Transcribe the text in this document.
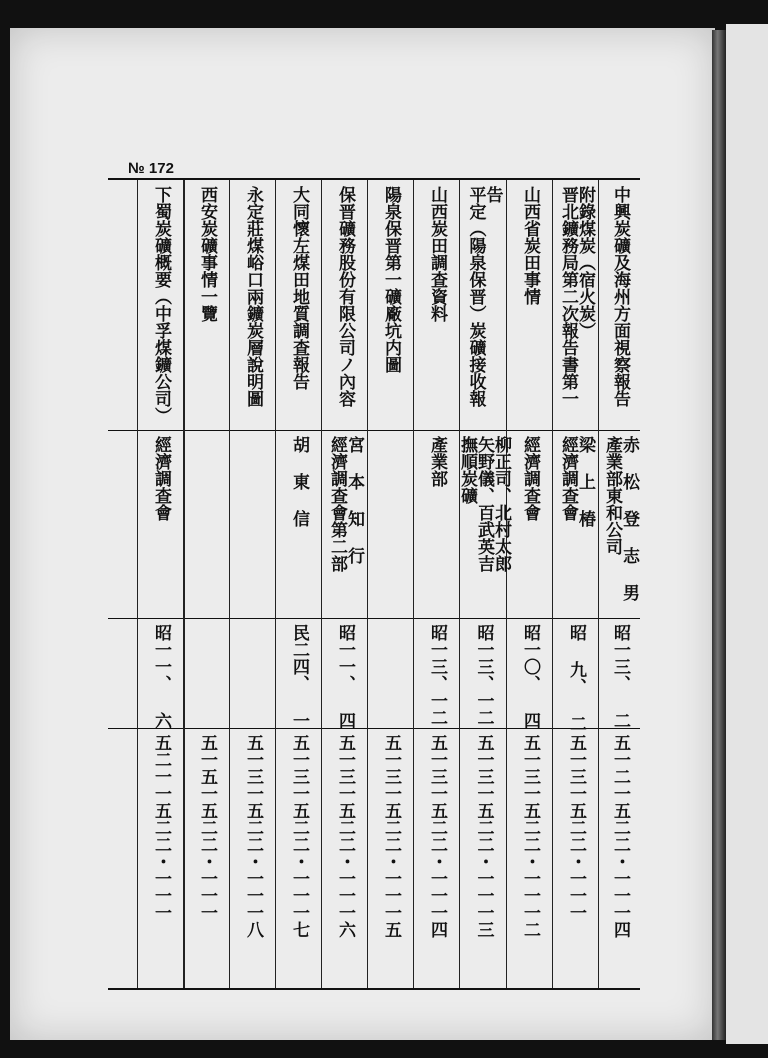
№ 172
中興炭礦及海州方面視察報告
產業部東和公司
赤 松 登 志 男
昭一三、 二
五一二一五二二・一一一四
晋北鑛務局第二次報告書第一
附錄煤炭（宿火炭）
經濟調查會
梁 上 椿
昭 九、 二
五一三一五二二・一一一
山西省炭田事情
經濟調查會
昭一〇、 四
五一三一五二二・一一一二
平定（陽泉保晋）炭礦接收報
告
撫順炭礦
矢野儀、百武英吉
柳正司、北村太郎
昭一三、一二
五一三一五二二・一一一三
山西炭田調查資料
產業部
昭一三、一二
五一三一五二二・一一一四
陽泉保晋第一礦廠坑内圖
五一三一五二二・一一一五
保晋礦務股份有限公司ノ內容
經濟調查會第二部
宮 本 知 行
昭一一、 四
五一三一五二二・一一一六
大同懷左煤田地質調查報告
胡 東 信
民二四、 一
五一三一五二二・一一一七
永定莊煤峪口兩鑛炭層說明圖
五一三一五二二・一一一八
西安炭礦事情一覽
五一五一五二二・一一一
下蜀炭礦概要（中孚煤鑛公司）
經濟調查會
昭一一、 六
五二一一五二二・一一一
